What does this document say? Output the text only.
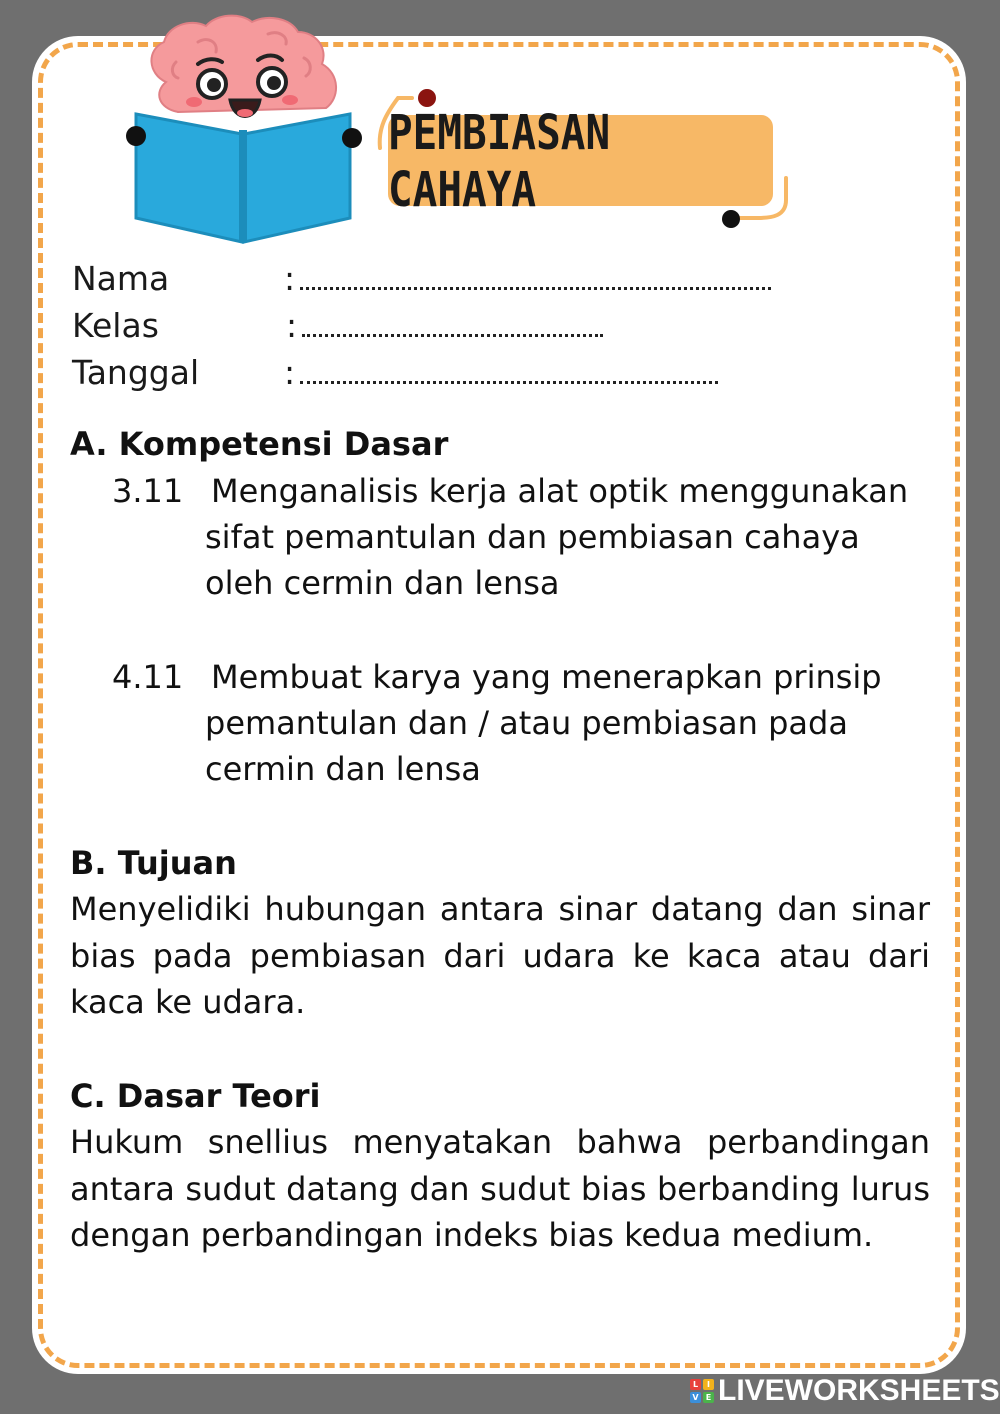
PEMBIASAN CAHAYA
Nama	:
Kelas	:
Tanggal	:
A. Kompetensi Dasar
3.11 Menganalisis kerja alat optik menggunakan sifat pemantulan dan pembiasan cahaya oleh cermin dan lensa
4.11 Membuat karya yang menerapkan prinsip pemantulan dan / atau pembiasan pada cermin dan lensa
B. Tujuan
Menyelidiki hubungan antara sinar datang dan sinar bias pada pembiasan dari udara ke kaca atau dari kaca ke udara.
C. Dasar Teori
Hukum snellius menyatakan bahwa perbandingan antara sudut datang dan sudut bias berbanding lurus dengan perbandingan indeks bias kedua medium.
L	I
V E LIVEWORKSHEETS
